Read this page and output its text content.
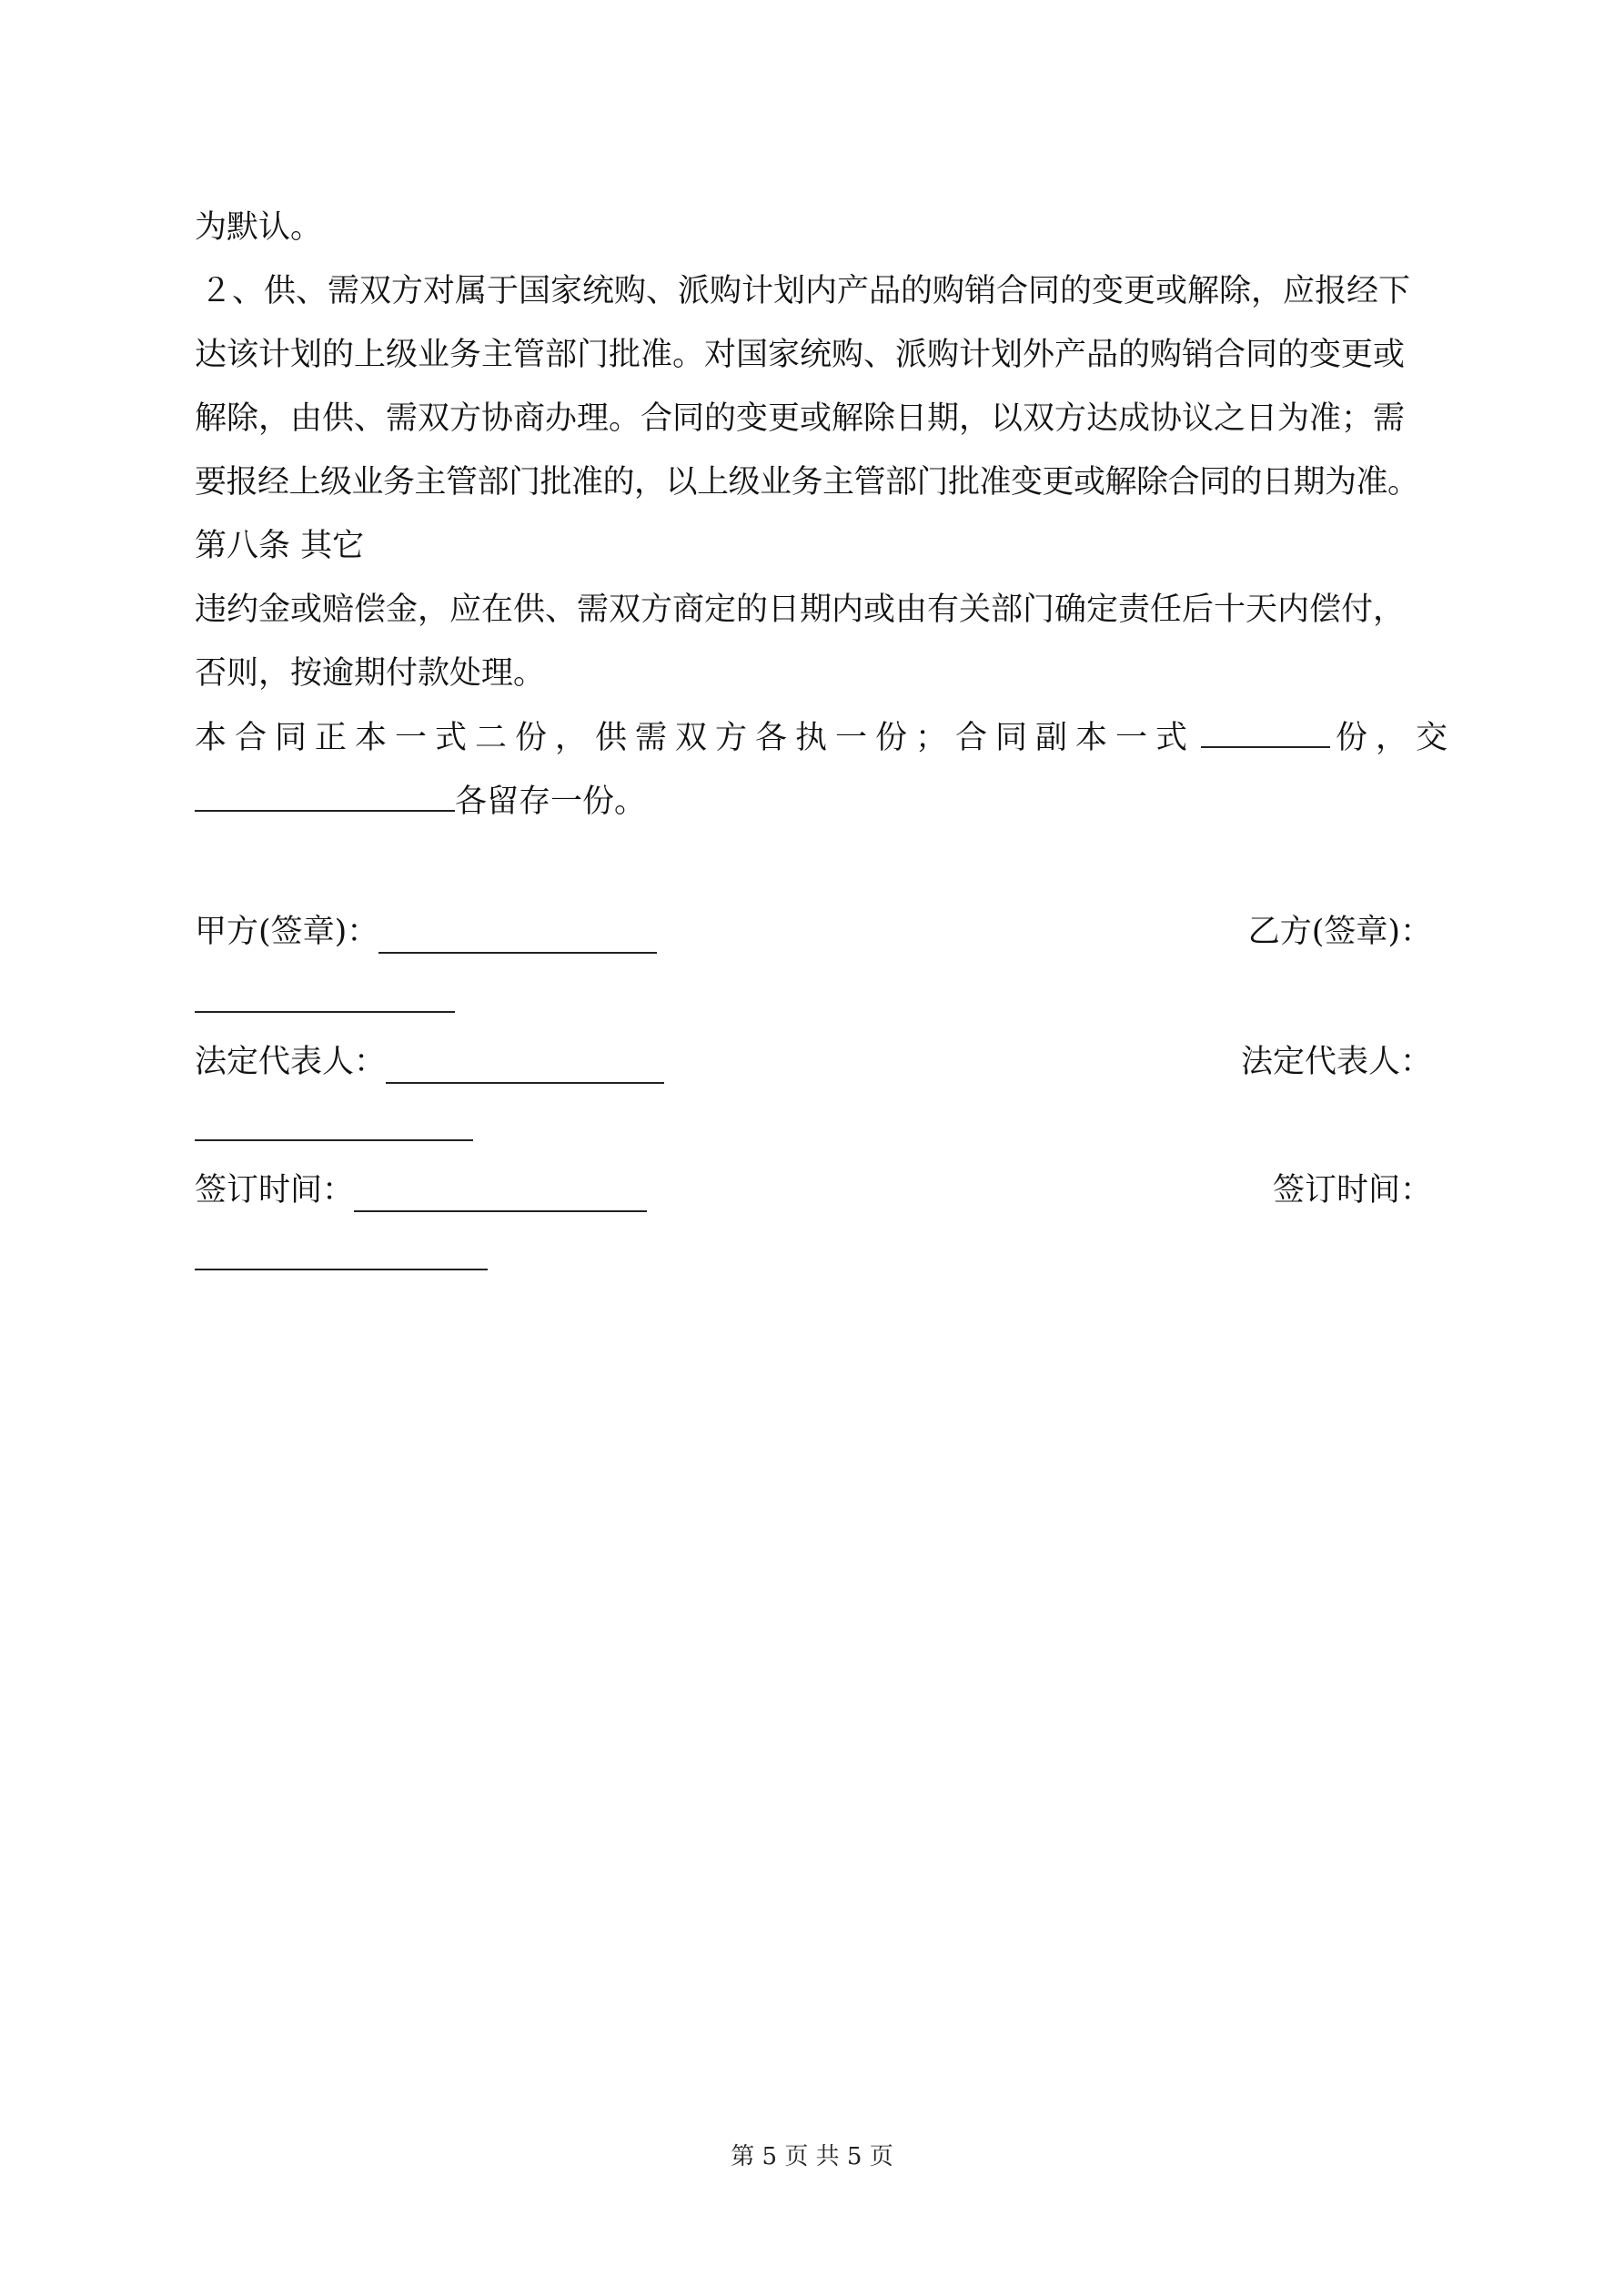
为默认。
２、供、需双方对属于国家统购、派购计划内产品的购销合同的变更或解除，应报经下
达该计划的上级业务主管部门批准。对国家统购、派购计划外产品的购销合同的变更或
解除，由供、需双方协商办理。合同的变更或解除日期，以双方达成协议之日为准；需
要报经上级业务主管部门批准的，以上级业务主管部门批准变更或解除合同的日期为准。
第八条 其它
违约金或赔偿金，应在供、需双方商定的日期内或由有关部门确定责任后十天内偿付，
否则，按逾期付款处理。
本合同正本一式二份，供需双方各执一份；合同副本一式	份，交
各留存一份。
甲方(签章)：	乙方(签章)：
法定代表人：	法定代表人：
签订时间：	签订时间：
第 5 页 共 5 页
